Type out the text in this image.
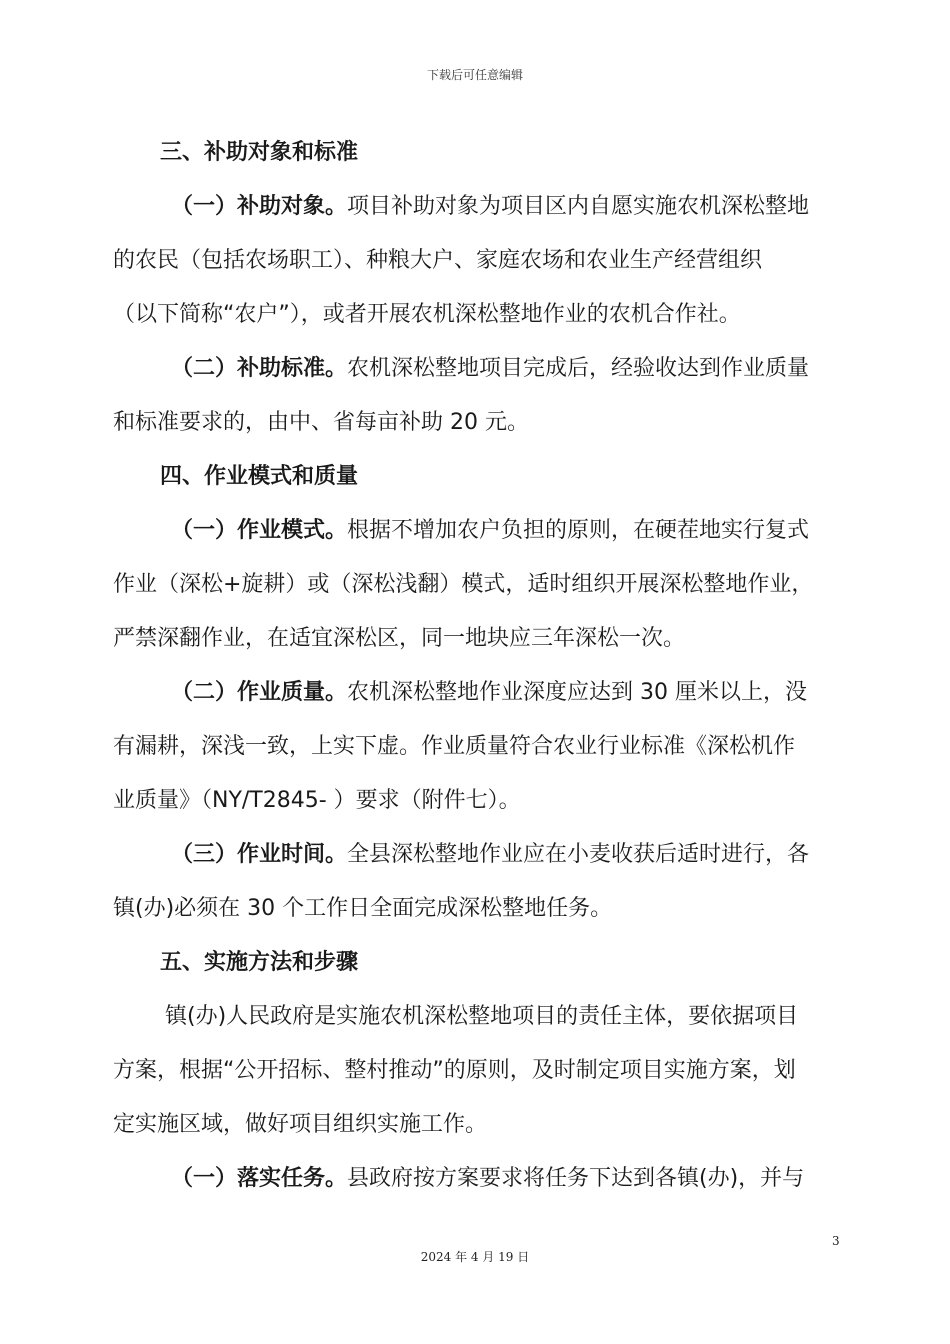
下载后可任意编辑
三、补助对象和标准
（一）补助对象。项目补助对象为项目区内自愿实施农机深松整地
的农民（包括农场职工）、种粮大户、家庭农场和农业生产经营组织
（以下简称“农户”），或者开展农机深松整地作业的农机合作社。
（二）补助标准。农机深松整地项目完成后，经验收达到作业质量
和标准要求的，由中、省每亩补助 20 元。
四、作业模式和质量
（一）作业模式。根据不增加农户负担的原则，在硬茬地实行复式
作业（深松+旋耕）或（深松浅翻）模式，适时组织开展深松整地作业，
严禁深翻作业，在适宜深松区，同一地块应三年深松一次。
（二）作业质量。农机深松整地作业深度应达到 30 厘米以上，没
有漏耕，深浅一致，上实下虚。作业质量符合农业行业标准《深松机作
业质量》（NY/T2845- ）要求（附件七）。
（三）作业时间。全县深松整地作业应在小麦收获后适时进行，各
镇(办)必须在 30 个工作日全面完成深松整地任务。
五、实施方法和步骤
镇(办)人民政府是实施农机深松整地项目的责任主体，要依据项目
方案，根据“公开招标、整村推动”的原则，及时制定项目实施方案，划
定实施区域，做好项目组织实施工作。
（一）落实任务。县政府按方案要求将任务下达到各镇(办)，并与
3
2024 年 4 月 19 日
